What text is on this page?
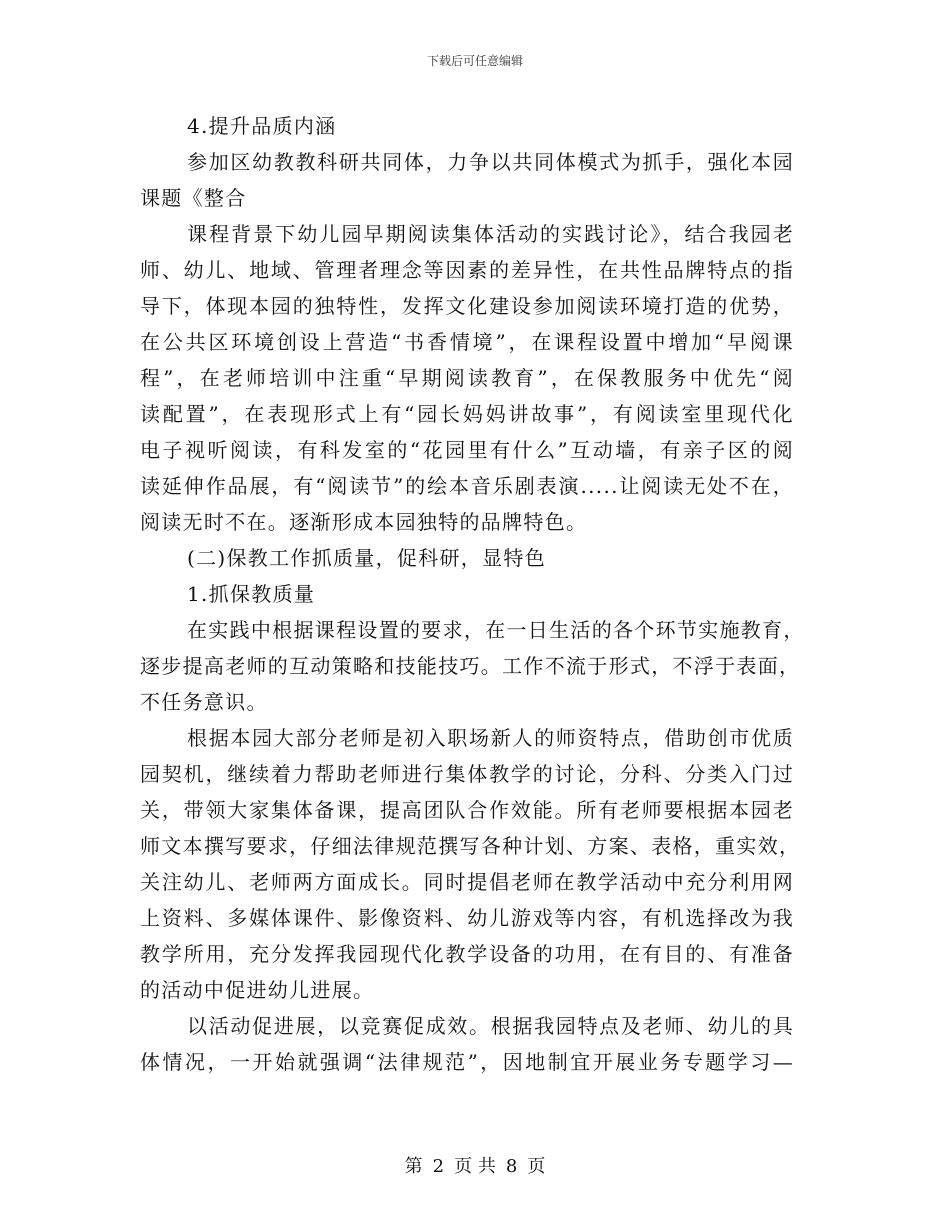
下载后可任意编辑
4.提升品质内涵
参加区幼教教科研共同体，力争以共同体模式为抓手，强化本园
课题《整合
课程背景下幼儿园早期阅读集体活动的实践讨论》，结合我园老
师、幼儿、地域、管理者理念等因素的差异性，在共性品牌特点的指
导下，体现本园的独特性，发挥文化建设参加阅读环境打造的优势，
在公共区环境创设上营造“书香情境”，在课程设置中增加“早阅课
程”，在老师培训中注重“早期阅读教育”，在保教服务中优先“阅
读配置”，在表现形式上有“园长妈妈讲故事”，有阅读室里现代化
电子视听阅读，有科发室的“花园里有什么”互动墙，有亲子区的阅
读延伸作品展，有“阅读节”的绘本音乐剧表演.....让阅读无处不在，
阅读无时不在。逐渐形成本园独特的品牌特色。
(二)保教工作抓质量，促科研，显特色
1.抓保教质量
在实践中根据课程设置的要求，在一日生活的各个环节实施教育，
逐步提高老师的互动策略和技能技巧。工作不流于形式，不浮于表面，
不任务意识。
根据本园大部分老师是初入职场新人的师资特点，借助创市优质
园契机，继续着力帮助老师进行集体教学的讨论，分科、分类入门过
关，带领大家集体备课，提高团队合作效能。所有老师要根据本园老
师文本撰写要求，仔细法律规范撰写各种计划、方案、表格，重实效，
关注幼儿、老师两方面成长。同时提倡老师在教学活动中充分利用网
上资料、多媒体课件、影像资料、幼儿游戏等内容，有机选择改为我
教学所用，充分发挥我园现代化教学设备的功用，在有目的、有准备
的活动中促进幼儿进展。
以活动促进展，以竞赛促成效。根据我园特点及老师、幼儿的具
体情况，一开始就强调“法律规范”，因地制宜开展业务专题学习—
第 2 页 共 8 页
